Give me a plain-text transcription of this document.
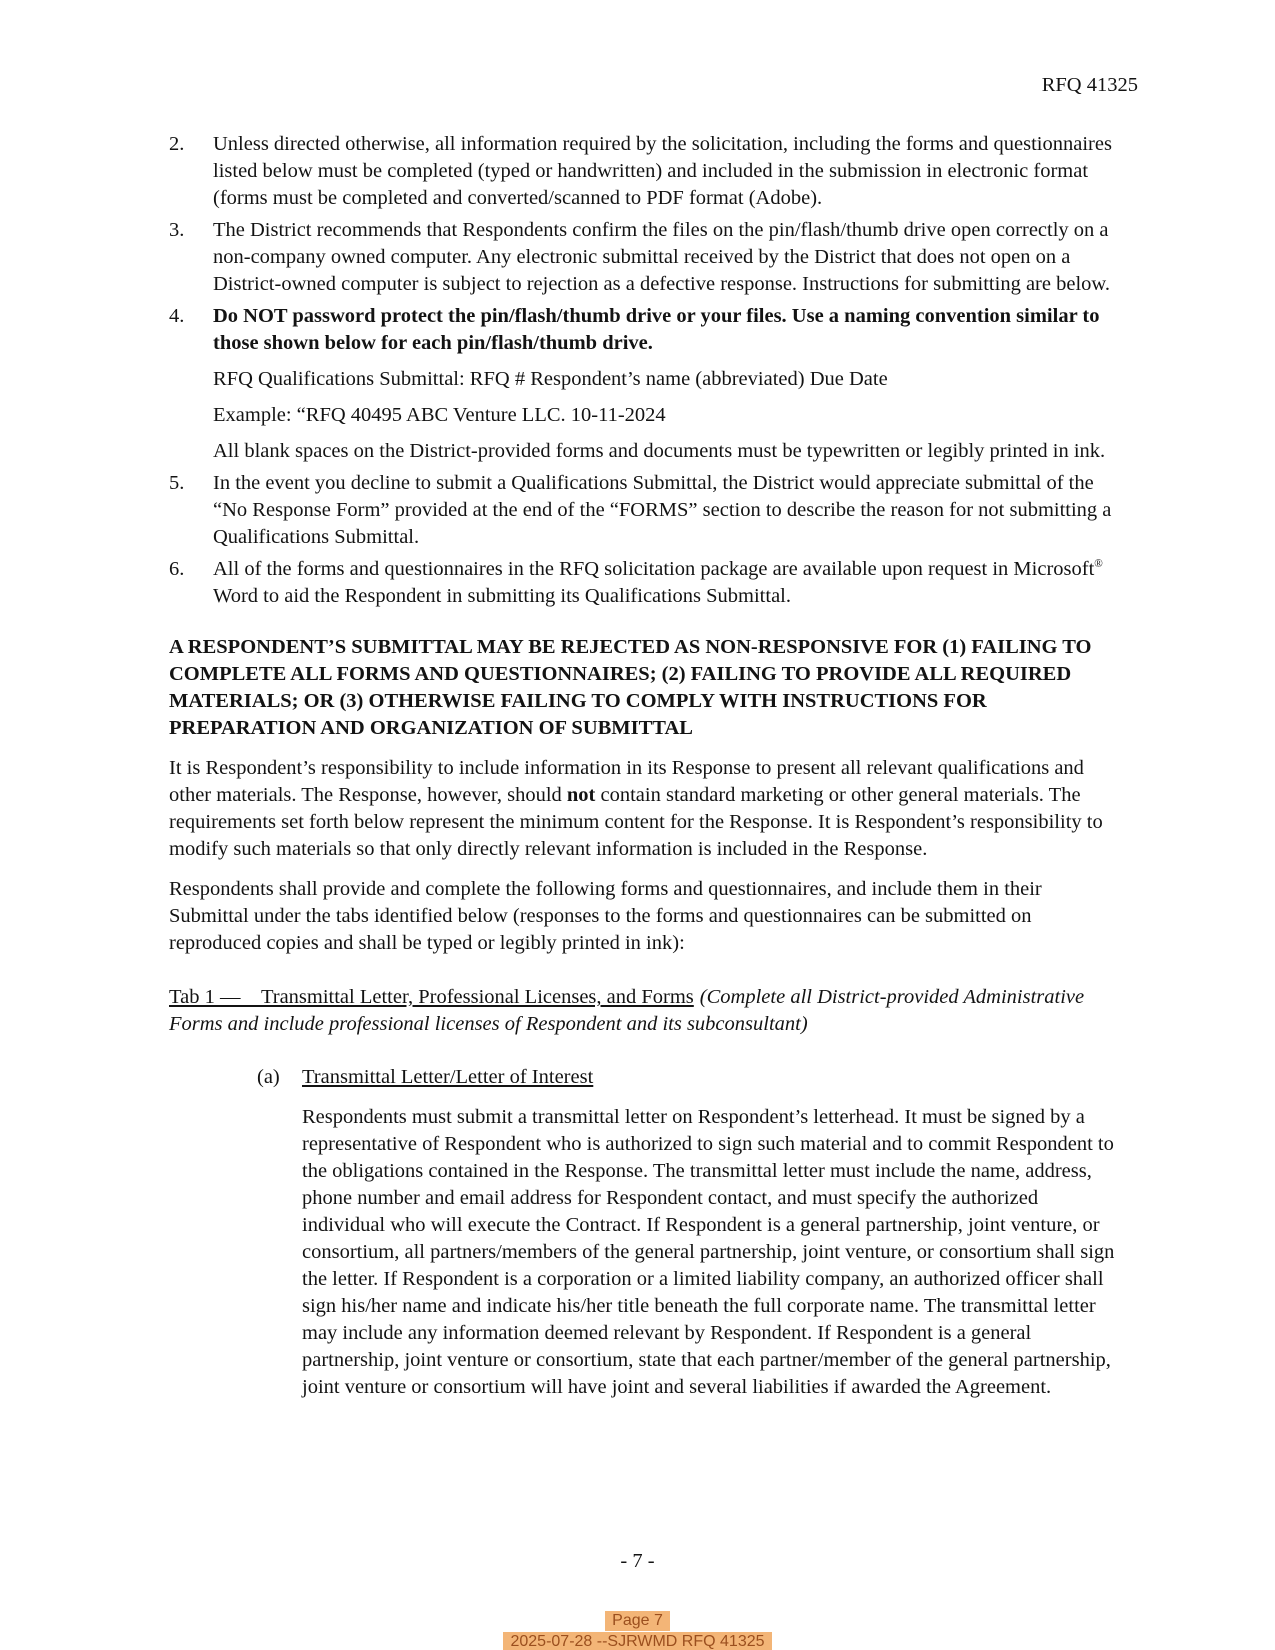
RFQ 41325
2. Unless directed otherwise, all information required by the solicitation, including the forms and questionnaires listed below must be completed (typed or handwritten) and included in the submission in electronic format (forms must be completed and converted/scanned to PDF format (Adobe).
3. The District recommends that Respondents confirm the files on the pin/flash/thumb drive open correctly on a non-company owned computer. Any electronic submittal received by the District that does not open on a District-owned computer is subject to rejection as a defective response. Instructions for submitting are below.
4. Do NOT password protect the pin/flash/thumb drive or your files. Use a naming convention similar to those shown below for each pin/flash/thumb drive.
RFQ Qualifications Submittal: RFQ # Respondent’s name (abbreviated) Due Date
Example: “RFQ 40495 ABC Venture LLC. 10-11-2024
All blank spaces on the District-provided forms and documents must be typewritten or legibly printed in ink.
5. In the event you decline to submit a Qualifications Submittal, the District would appreciate submittal of the “No Response Form” provided at the end of the “FORMS” section to describe the reason for not submitting a Qualifications Submittal.
6. All of the forms and questionnaires in the RFQ solicitation package are available upon request in Microsoft® Word to aid the Respondent in submitting its Qualifications Submittal.
A RESPONDENT’S SUBMITTAL MAY BE REJECTED AS NON-RESPONSIVE FOR (1) FAILING TO COMPLETE ALL FORMS AND QUESTIONNAIRES; (2) FAILING TO PROVIDE ALL REQUIRED MATERIALS; OR (3) OTHERWISE FAILING TO COMPLY WITH INSTRUCTIONS FOR PREPARATION AND ORGANIZATION OF SUBMITTAL
It is Respondent’s responsibility to include information in its Response to present all relevant qualifications and other materials. The Response, however, should not contain standard marketing or other general materials. The requirements set forth below represent the minimum content for the Response. It is Respondent’s responsibility to modify such materials so that only directly relevant information is included in the Response.
Respondents shall provide and complete the following forms and questionnaires, and include them in their Submittal under the tabs identified below (responses to the forms and questionnaires can be submitted on reproduced copies and shall be typed or legibly printed in ink):
Tab 1 — Transmittal Letter, Professional Licenses, and Forms (Complete all District-provided Administrative Forms and include professional licenses of Respondent and its subconsultant)
(a) Transmittal Letter/Letter of Interest
Respondents must submit a transmittal letter on Respondent’s letterhead. It must be signed by a representative of Respondent who is authorized to sign such material and to commit Respondent to the obligations contained in the Response. The transmittal letter must include the name, address, phone number and email address for Respondent contact, and must specify the authorized individual who will execute the Contract. If Respondent is a general partnership, joint venture, or consortium, all partners/members of the general partnership, joint venture, or consortium shall sign the letter. If Respondent is a corporation or a limited liability company, an authorized officer shall sign his/her name and indicate his/her title beneath the full corporate name. The transmittal letter may include any information deemed relevant by Respondent. If Respondent is a general partnership, joint venture or consortium, state that each partner/member of the general partnership, joint venture or consortium will have joint and several liabilities if awarded the Agreement.
- 7 -
Page 7
2025-07-28 --SJRWMD RFQ 41325
